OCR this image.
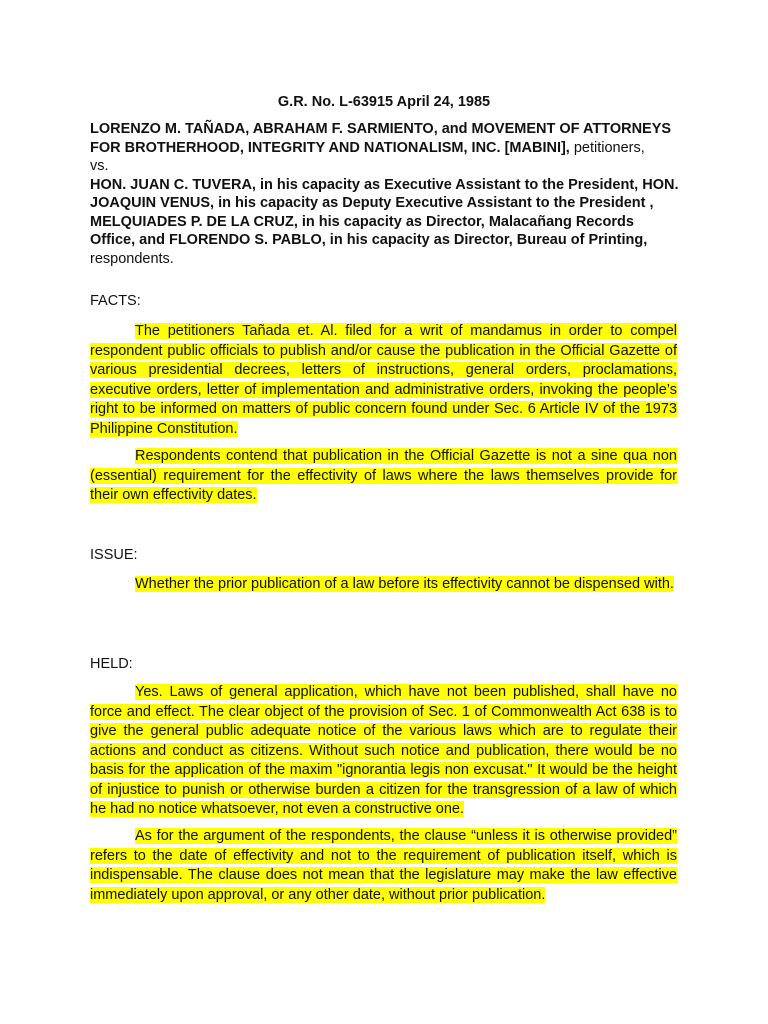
G.R. No. L-63915 April 24, 1985
LORENZO M. TAÑADA, ABRAHAM F. SARMIENTO, and MOVEMENT OF ATTORNEYS FOR BROTHERHOOD, INTEGRITY AND NATIONALISM, INC. [MABINI], petitioners,
vs.
HON. JUAN C. TUVERA, in his capacity as Executive Assistant to the President, HON. JOAQUIN VENUS, in his capacity as Deputy Executive Assistant to the President , MELQUIADES P. DE LA CRUZ, in his capacity as Director, Malacañang Records Office, and FLORENDO S. PABLO, in his capacity as Director, Bureau of Printing, respondents.
FACTS:
The petitioners Tañada et. Al. filed for a writ of mandamus in order to compel respondent public officials to publish and/or cause the publication in the Official Gazette of various presidential decrees, letters of instructions, general orders, proclamations, executive orders, letter of implementation and administrative orders, invoking the people’s right to be informed on matters of public concern found under Sec. 6 Article IV of the 1973 Philippine Constitution.
Respondents contend that publication in the Official Gazette is not a sine qua non (essential) requirement for the effectivity of laws where the laws themselves provide for their own effectivity dates.
ISSUE:
Whether the prior publication of a law before its effectivity cannot be dispensed with.
HELD:
Yes. Laws of general application, which have not been published, shall have no force and effect. The clear object of the provision of Sec. 1 of Commonwealth Act 638 is to give the general public adequate notice of the various laws which are to regulate their actions and conduct as citizens. Without such notice and publication, there would be no basis for the application of the maxim "ignorantia legis non excusat." It would be the height of injustice to punish or otherwise burden a citizen for the transgression of a law of which he had no notice whatsoever, not even a constructive one.
As for the argument of the respondents, the clause “unless it is otherwise provided” refers to the date of effectivity and not to the requirement of publication itself, which is indispensable. The clause does not mean that the legislature may make the law effective immediately upon approval, or any other date, without prior publication.
